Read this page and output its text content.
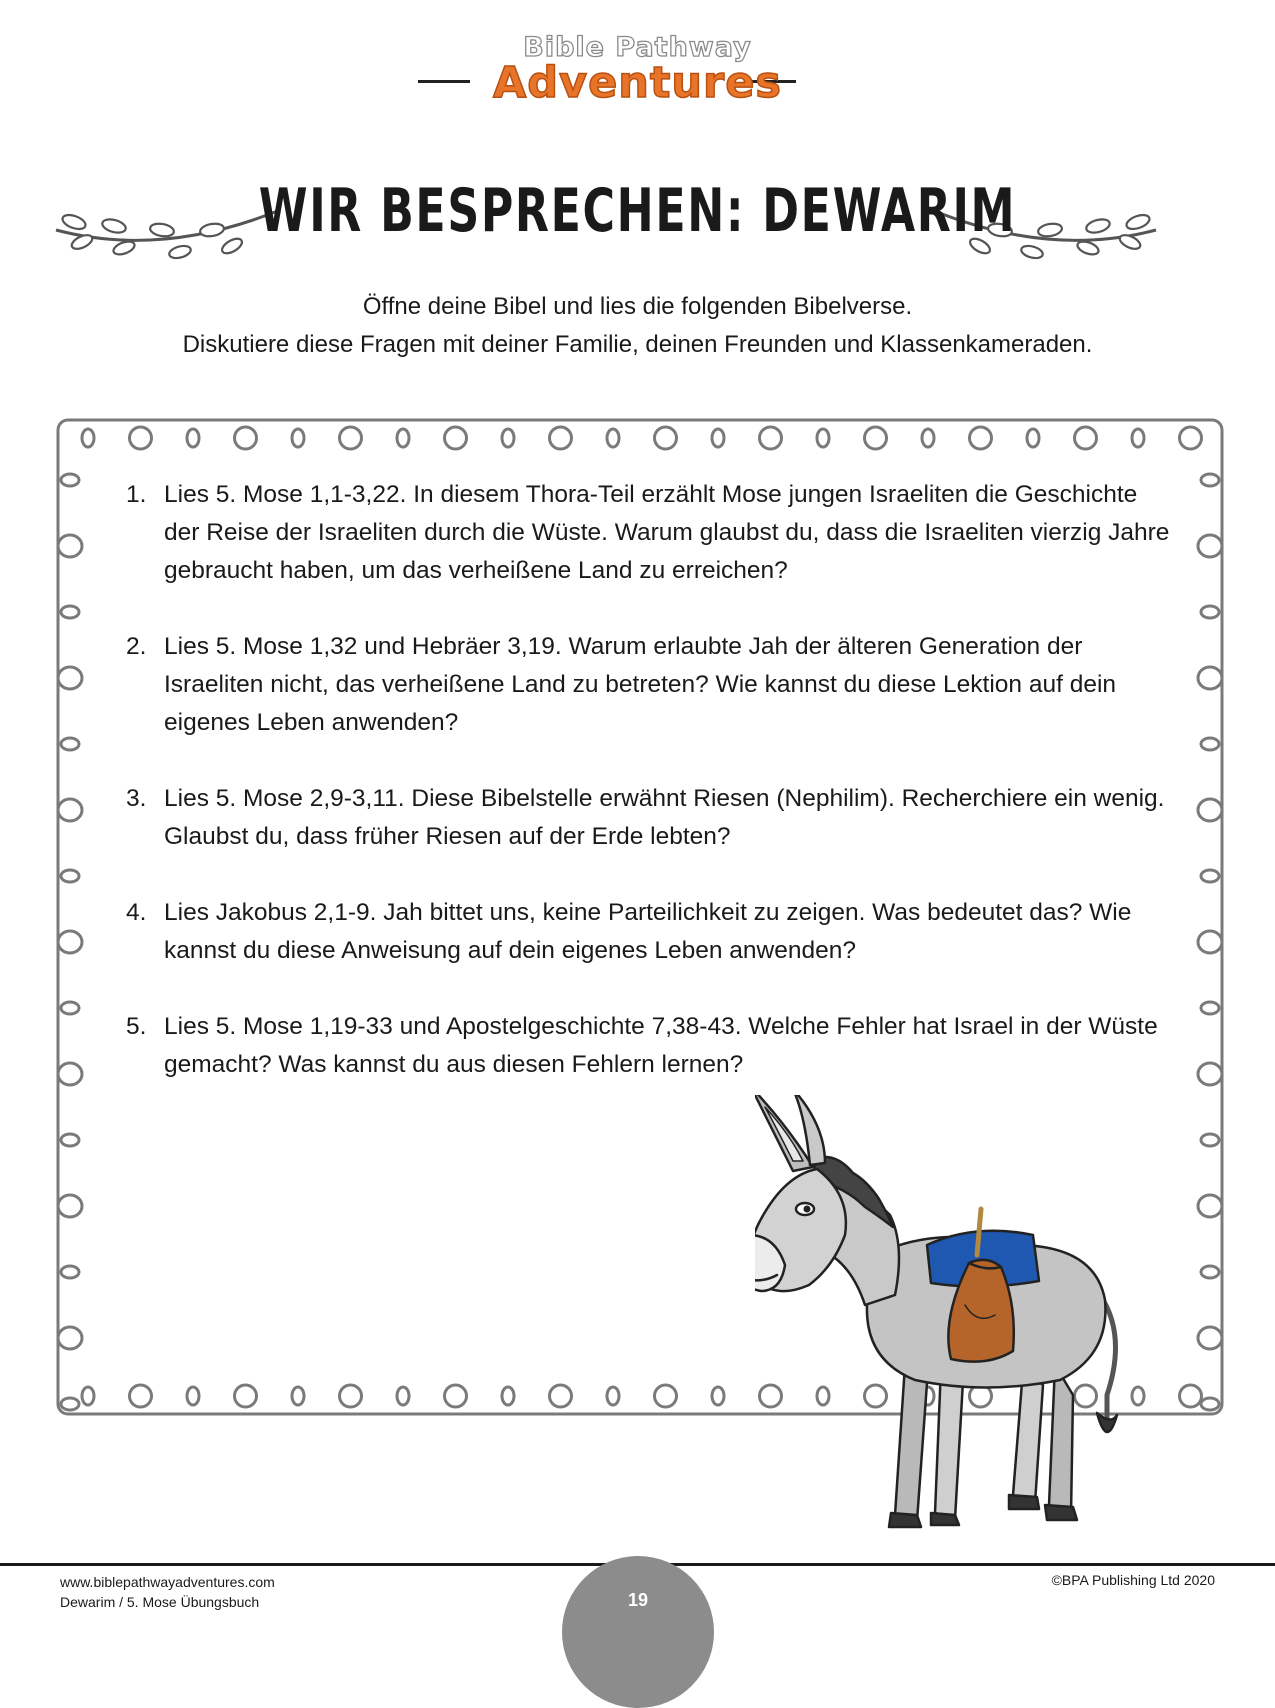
Bible Pathway
Adventures
WIR BESPRECHEN: DEWARIM
Öffne deine Bibel und lies die folgenden Bibelverse.
Diskutiere diese Fragen mit deiner Familie, deinen Freunden und Klassenkameraden.
1. Lies 5. Mose 1,1-3,22. In diesem Thora-Teil erzählt Mose jungen Israeliten die Geschichte der Reise der Israeliten durch die Wüste. Warum glaubst du, dass die Israeliten vierzig Jahre gebraucht haben, um das verheißene Land zu erreichen?
2. Lies 5. Mose 1,32 und Hebräer 3,19. Warum erlaubte Jah der älteren Generation der Israeliten nicht, das verheißene Land zu betreten? Wie kannst du diese Lektion auf dein eigenes Leben anwenden?
3. Lies 5. Mose 2,9-3,11. Diese Bibelstelle erwähnt Riesen (Nephilim). Recherchiere ein wenig. Glaubst du, dass früher Riesen auf der Erde lebten?
4. Lies Jakobus 2,1-9. Jah bittet uns, keine Parteilichkeit zu zeigen. Was bedeutet das? Wie kannst du diese Anweisung auf dein eigenes Leben anwenden?
5. Lies 5. Mose 1,19-33 und Apostelgeschichte 7,38-43. Welche Fehler hat Israel in der Wüste gemacht? Was kannst du aus diesen Fehlern lernen?
www.biblepathwayadventures.com
Dewarim / 5. Mose Übungsbuch
©BPA Publishing Ltd 2020
19
